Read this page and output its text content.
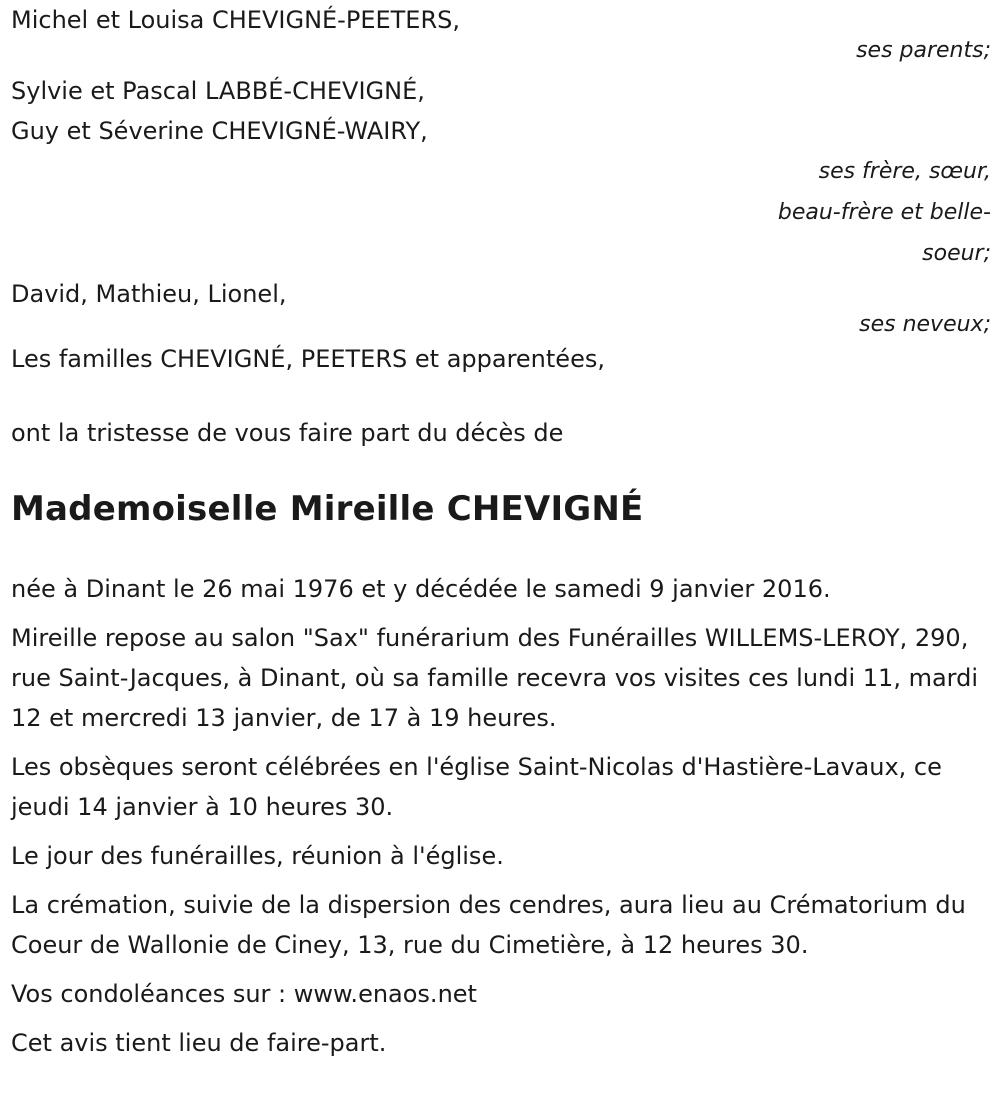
Michel et Louisa CHEVIGNÉ-PEETERS,
ses parents;
Sylvie et Pascal LABBÉ-CHEVIGNÉ,
Guy et Séverine CHEVIGNÉ-WAIRY,
ses frère, sœur,
beau-frère et belle-
soeur;
David, Mathieu, Lionel,
ses neveux;
Les familles CHEVIGNÉ, PEETERS et apparentées,
ont la tristesse de vous faire part du décès de
Mademoiselle Mireille CHEVIGNÉ
née à Dinant le 26 mai 1976 et y décédée le samedi 9 janvier 2016.
Mireille repose au salon "Sax" funérarium des Funérailles WILLEMS-LEROY, 290, rue Saint-Jacques, à Dinant, où sa famille recevra vos visites ces lundi 11, mardi 12 et mercredi 13 janvier, de 17 à 19 heures.
Les obsèques seront célébrées en l'église Saint-Nicolas d'Hastière-Lavaux, ce jeudi 14 janvier à 10 heures 30.
Le jour des funérailles, réunion à l'église.
La crémation, suivie de la dispersion des cendres, aura lieu au Crématorium du Coeur de Wallonie de Ciney, 13, rue du Cimetière, à 12 heures 30.
Vos condoléances sur : www.enaos.net
Cet avis tient lieu de faire-part.
